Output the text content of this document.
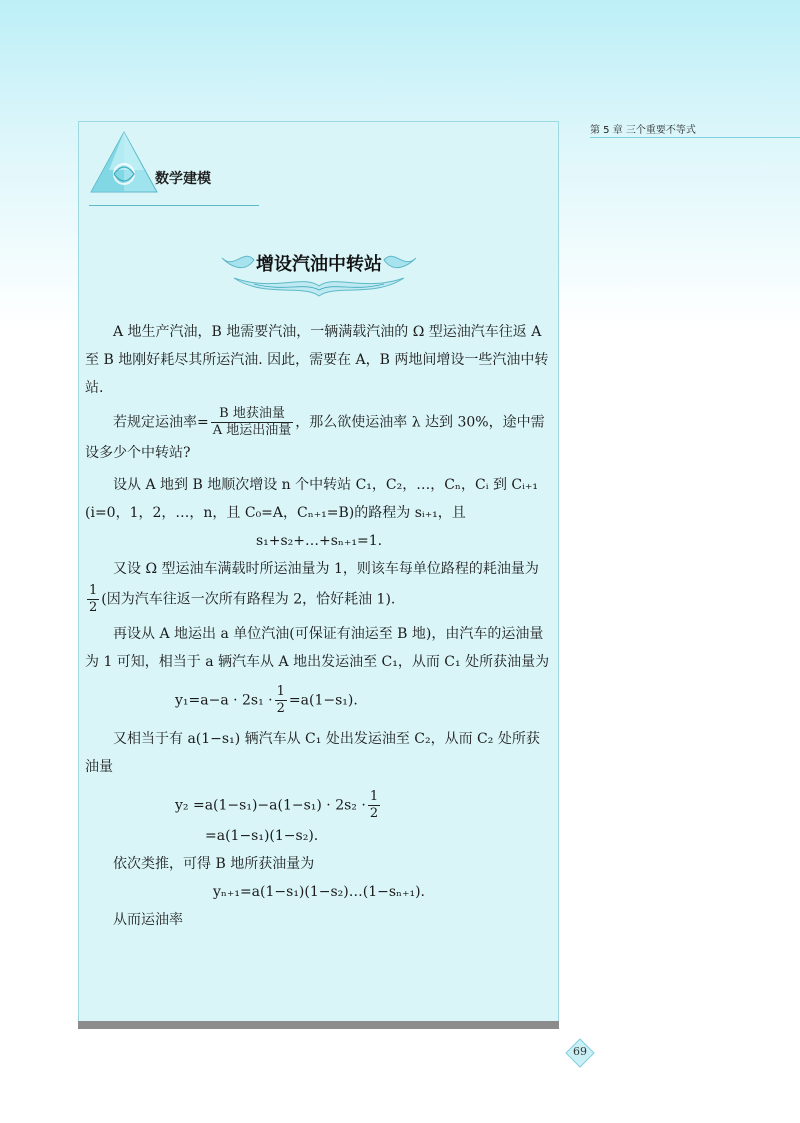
第 5 章 三个重要不等式
数学建模
增设汽油中转站

A 地生产汽油，B 地需要汽油，一辆满载汽油的 Ω 型运油汽车往返 A 至 B 地刚好耗尽其所运汽油. 因此，需要在 A，B 两地间增设一些汽油中转站.

若规定运油率= $\frac{\text{B 地获油量}}{\text{A 地运出油量}}$ ，那么欲使运油率 λ 达到 30%，途中需设多少个中转站?

设从 A 地到 B 地顺次增设 n 个中转站 C₁，C₂，…，Cₙ，Cᵢ 到 Cᵢ₊₁ (i=0，1，2，…，n，且 C₀=A，Cₙ₊₁=B)的路程为 sᵢ₊₁，且

s₁+s₂+…+sₙ₊₁=1.

又设 Ω 型运油车满载时所运油量为 1，则该车每单位路程的耗油量为
$\frac{1}{2}$ (因为汽车往返一次所有路程为 2，恰好耗油 1).

再设从 A 地运出 a 单位汽油(可保证有油运至 B 地)，由汽车的运油量为 1 可知，相当于 a 辆汽车从 A 地出发运油至 C₁，从而 C₁ 处所获油量为

$y_1=a-a \cdot 2s_1 \cdot \frac{1}{2} =a(1-s_1)$.

又相当于有 a(1−s₁) 辆汽车从 C₁ 处出发运油至 C₂，从而 C₂ 处所获油量

$y_2 =a(1-s_1)-a(1-s_1) \cdot 2s_2 \cdot \frac{1}{2}$

=a(1−s₁)(1−s₂).

依次类推，可得 B 地所获油量为

yₙ₊₁=a(1−s₁)(1−s₂)…(1−sₙ₊₁).

从而运油率

69
